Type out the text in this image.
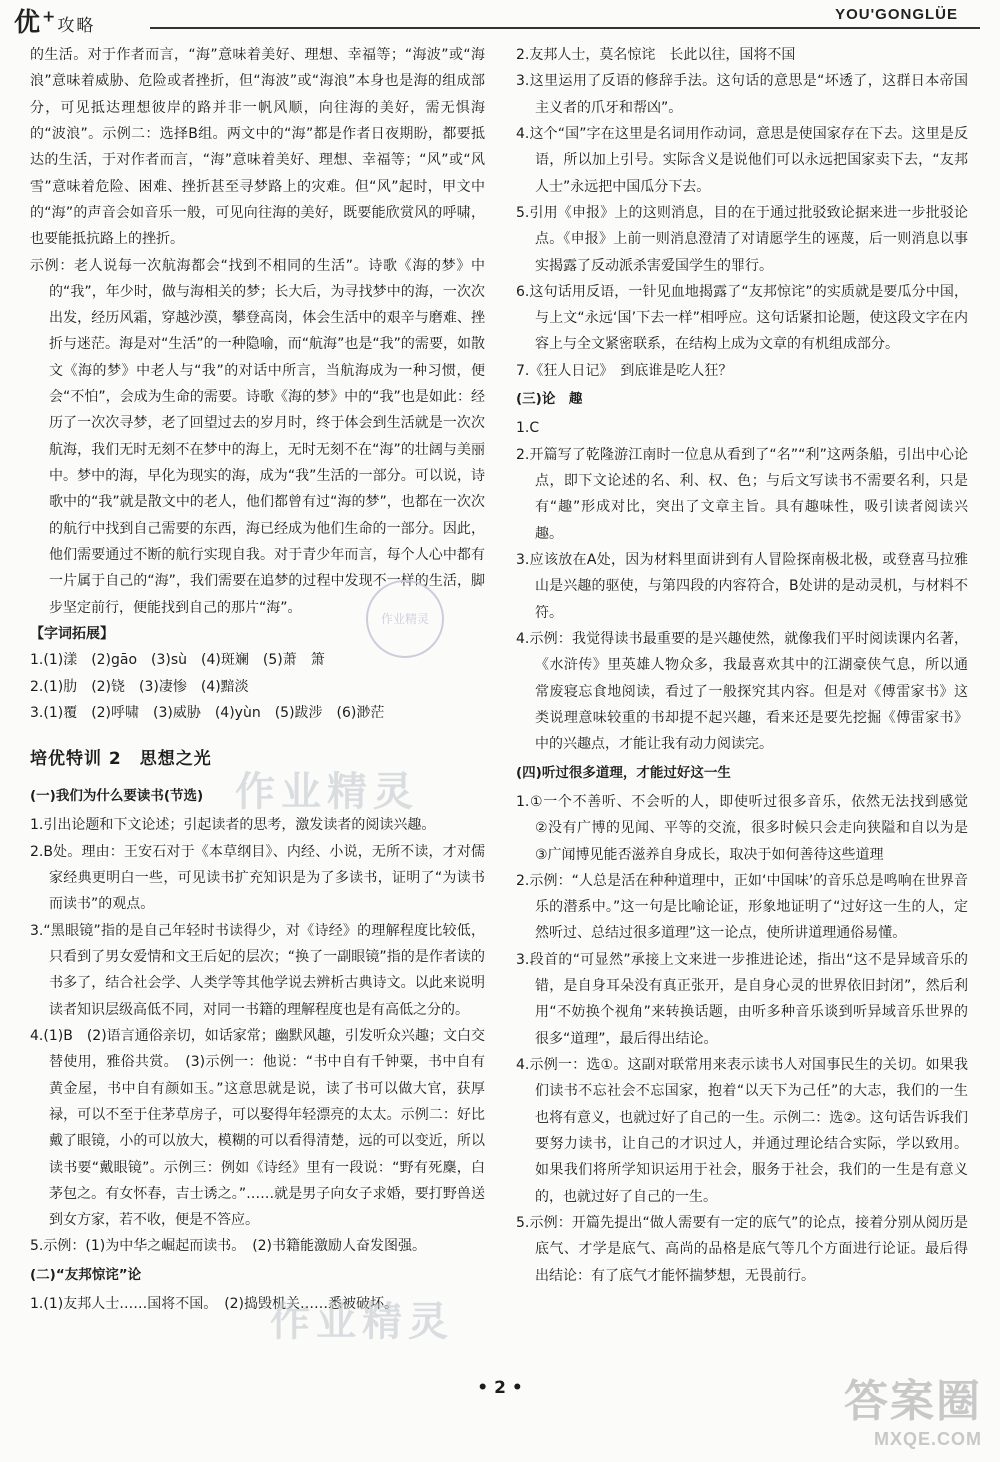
优+攻略
YOU'GONGLÜE

的生活。对于作者而言，“海”意味着美好、理想、幸福等；“海波”或“海浪”意味着威胁、危险或者挫折，但“海波”或“海浪”本身也是海的组成部分，可见抵达理想彼岸的路并非一帆风顺，向往海的美好，需无惧海的“波浪”。示例二：选择B组。两文中的“海”都是作者日夜期盼，都要抵达的生活，于对作者而言，“海”意味着美好、理想、幸福等；“风”或“风雪”意味着危险、困难、挫折甚至寻梦路上的灾难。但“风”起时，甲文中的“海”的声音会如音乐一般，可见向往海的美好，既要能欣赏风的呼啸，也要能抵抗路上的挫折。

示例：老人说每一次航海都会“找到不相同的生活”。诗歌《海的梦》中的“我”，年少时，做与海相关的梦；长大后，为寻找梦中的海，一次次出发，经历风霜，穿越沙漠，攀登高岗，体会生活中的艰辛与磨难、挫折与迷茫。海是对“生活”的一种隐喻，而“航海”也是“我”的需要，如散文《海的梦》中老人与“我”的对话中所言，当航海成为一种习惯，便会“不怕”，会成为生命的需要。诗歌《海的梦》中的“我”也是如此：经历了一次次寻梦，老了回望过去的岁月时，终于体会到生活就是一次次航海，我们无时无刻不在梦中的海上，无时无刻不在“海”的壮阔与美丽中。梦中的海，早化为现实的海，成为“我”生活的一部分。可以说，诗歌中的“我”就是散文中的老人，他们都曾有过“海的梦”，也都在一次次的航行中找到自己需要的东西，海已经成为他们生命的一部分。因此，他们需要通过不断的航行实现自我。对于青少年而言，每个人心中都有一片属于自己的“海”，我们需要在追梦的过程中发现不一样的生活，脚步坚定前行，便能找到自己的那片“海”。

【字词拓展】

1.(1)漾　(2)gāo　(3)sù　(4)斑斓　(5)萧　箫

2.(1)肋　(2)铙　(3)凄惨　(4)黯淡

3.(1)覆　(2)呼啸　(3)威胁　(4)yùn　(5)跋涉　(6)渺茫

培优特训 2　思想之光

(一)我们为什么要读书(节选)

1.引出论题和下文论述；引起读者的思考，激发读者的阅读兴趣。

2.B处。理由：王安石对于《本草纲目》、内经、小说，无所不读，才对儒家经典更明白一些，可见读书扩充知识是为了多读书，证明了“为读书而读书”的观点。

3.“黑眼镜”指的是自己年轻时书读得少，对《诗经》的理解程度比较低，只看到了男女爱情和文王后妃的层次；“换了一副眼镜”指的是作者读的书多了，结合社会学、人类学等其他学说去辨析古典诗文。以此来说明读者知识层级高低不同，对同一书籍的理解程度也是有高低之分的。

4.(1)B　(2)语言通俗亲切，如话家常；幽默风趣，引发听众兴趣；文白交替使用，雅俗共赏。　(3)示例一：他说：“书中自有千钟粟，书中自有黄金屋，书中自有颜如玉。”这意思就是说，读了书可以做大官，获厚禄，可以不至于住茅草房子，可以娶得年轻漂亮的太太。示例二：好比戴了眼镜，小的可以放大，模糊的可以看得清楚，远的可以变近，所以读书要“戴眼镜”。示例三：例如《诗经》里有一段说：“野有死麇，白茅包之。有女怀春，吉士诱之。”……就是男子向女子求婚，要打野兽送到女方家，若不收，便是不答应。

5.示例：(1)为中华之崛起而读书。　(2)书籍能激励人奋发图强。

(二)“友邦惊诧”论

1.(1)友邦人士……国将不国。　(2)捣毁机关……悉被破坏。

2.友邦人士，莫名惊诧　长此以往，国将不国

3.这里运用了反语的修辞手法。这句话的意思是“坏透了，这群日本帝国主义者的爪牙和帮凶”。

4.这个“国”字在这里是名词用作动词，意思是使国家存在下去。这里是反语，所以加上引号。实际含义是说他们可以永远把国家卖下去，“友邦人士”永远把中国瓜分下去。

5.引用《申报》上的这则消息，目的在于通过批驳致论据来进一步批驳论点。《申报》上前一则消息澄清了对请愿学生的诬蔑，后一则消息以事实揭露了反动派杀害爱国学生的罪行。

6.这句话用反语，一针见血地揭露了“友邦惊诧”的实质就是要瓜分中国，与上文“永远‘国’下去一样”相呼应。这句话紧扣论题，使这段文字在内容上与全文紧密联系，在结构上成为文章的有机组成部分。

7.《狂人日记》　到底谁是吃人狂？

(三)论　趣

1.C

2.开篇写了乾隆游江南时一位息从看到了“名”“利”这两条船，引出中心论点，即下文论述的名、利、权、色；与后文写读书不需要名利，只是有“趣”形成对比，突出了文章主旨。具有趣味性，吸引读者阅读兴趣。

3.应该放在A处，因为材料里面讲到有人冒险探南极北极，或登喜马拉雅山是兴趣的驱使，与第四段的内容符合，B处讲的是动灵机，与材料不符。

4.示例：我觉得读书最重要的是兴趣使然，就像我们平时阅读课内名著，《水浒传》里英雄人物众多，我最喜欢其中的江湖豪侠气息，所以通常废寝忘食地阅读，看过了一般探究其内容。但是对《傅雷家书》这类说理意味较重的书却提不起兴趣，看来还是要先挖掘《傅雷家书》中的兴趣点，才能让我有动力阅读完。

(四)听过很多道理，才能过好这一生

1.①一个不善听、不会听的人，即使听过很多音乐，依然无法找到感觉　②没有广博的见闻、平等的交流，很多时候只会走向狭隘和自以为是　③广闻博见能否滋养自身成长，取决于如何善待这些道理

2.示例：“人总是活在种种道理中，正如‘中国味’的音乐总是鸣响在世界音乐的潜系中。”这一句是比喻论证，形象地证明了“过好这一生的人，定然听过、总结过很多道理”这一论点，使所讲道理通俗易懂。

3.段首的“可显然”承接上文来进一步推进论述，指出“这不是异域音乐的错，是自身耳朵没有真正张开，是自身心灵的世界依旧封闭”，然后利用“不妨换个视角”来转换话题，由听多种音乐谈到听异域音乐世界的很多“道理”，最后得出结论。

4.示例一：选①。这副对联常用来表示读书人对国事民生的关切。如果我们读书不忘社会不忘国家，抱着“以天下为己任”的大志，我们的一生也将有意义，也就过好了自己的一生。示例二：选②。这句话告诉我们要努力读书，让自己的才识过人，并通过理论结合实际，学以致用。如果我们将所学知识运用于社会，服务于社会，我们的一生是有意义的，也就过好了自己的一生。

5.示例：开篇先提出“做人需要有一定的底气”的论点，接着分别从阅历是底气、才学是底气、高尚的品格是底气等几个方面进行论证。最后得出结论：有了底气才能怀揣梦想，无畏前行。

作业精灵
作业精灵
作业精灵
• 2 •	答案圈
MXQE.COM
